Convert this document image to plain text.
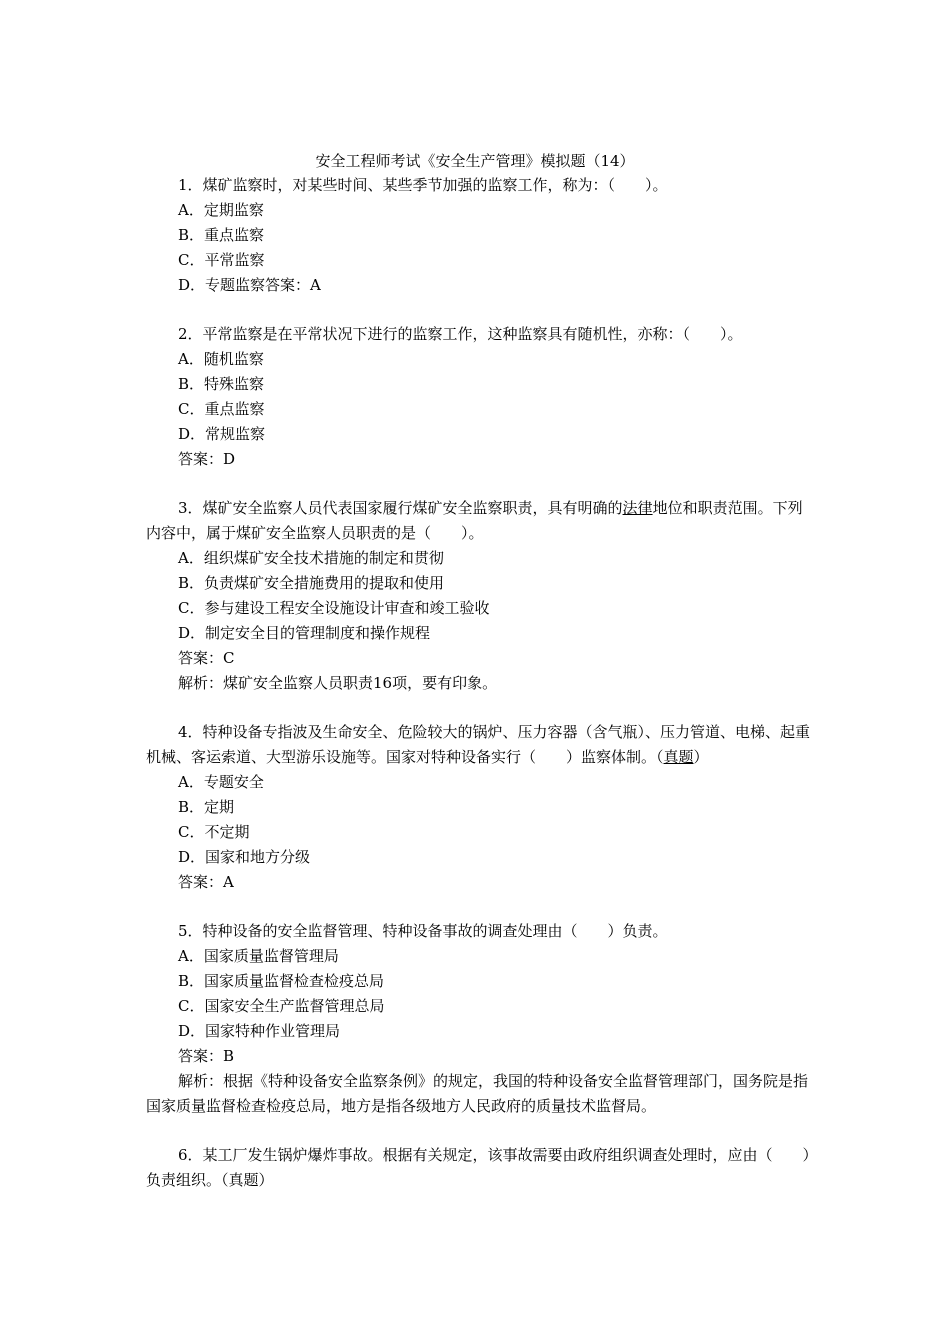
安全工程师考试《安全生产管理》模拟题（14）
1．煤矿监察时，对某些时间、某些季节加强的监察工作，称为：（　　）。
A．定期监察
B．重点监察
C．平常监察
D．专题监察答案：A
2．平常监察是在平常状况下进行的监察工作，这种监察具有随机性，亦称：（　　）。
A．随机监察
B．特殊监察
C．重点监察
D．常规监察
答案：D
3．煤矿安全监察人员代表国家履行煤矿安全监察职责，具有明确的法律地位和职责范围。下列内容中，属于煤矿安全监察人员职责的是（　　）。
A．组织煤矿安全技术措施的制定和贯彻
B．负责煤矿安全措施费用的提取和使用
C．参与建设工程安全设施设计审查和竣工验收
D．制定安全目的管理制度和操作规程
答案：C
解析：煤矿安全监察人员职责16项，要有印象。
4．特种设备专指波及生命安全、危险较大的锅炉、压力容器（含气瓶）、压力管道、电梯、起重机械、客运索道、大型游乐设施等。国家对特种设备实行（　　）监察体制。（真题）
A．专题安全
B．定期
C．不定期
D．国家和地方分级
答案：A
5．特种设备的安全监督管理、特种设备事故的调查处理由（　　）负责。
A．国家质量监督管理局
B．国家质量监督检查检疫总局
C．国家安全生产监督管理总局
D．国家特种作业管理局
答案：B
解析：根据《特种设备安全监察条例》的规定，我国的特种设备安全监督管理部门，国务院是指国家质量监督检查检疫总局，地方是指各级地方人民政府的质量技术监督局。
6．某工厂发生锅炉爆炸事故。根据有关规定，该事故需要由政府组织调查处理时，应由（　　）负责组织。（真题）
